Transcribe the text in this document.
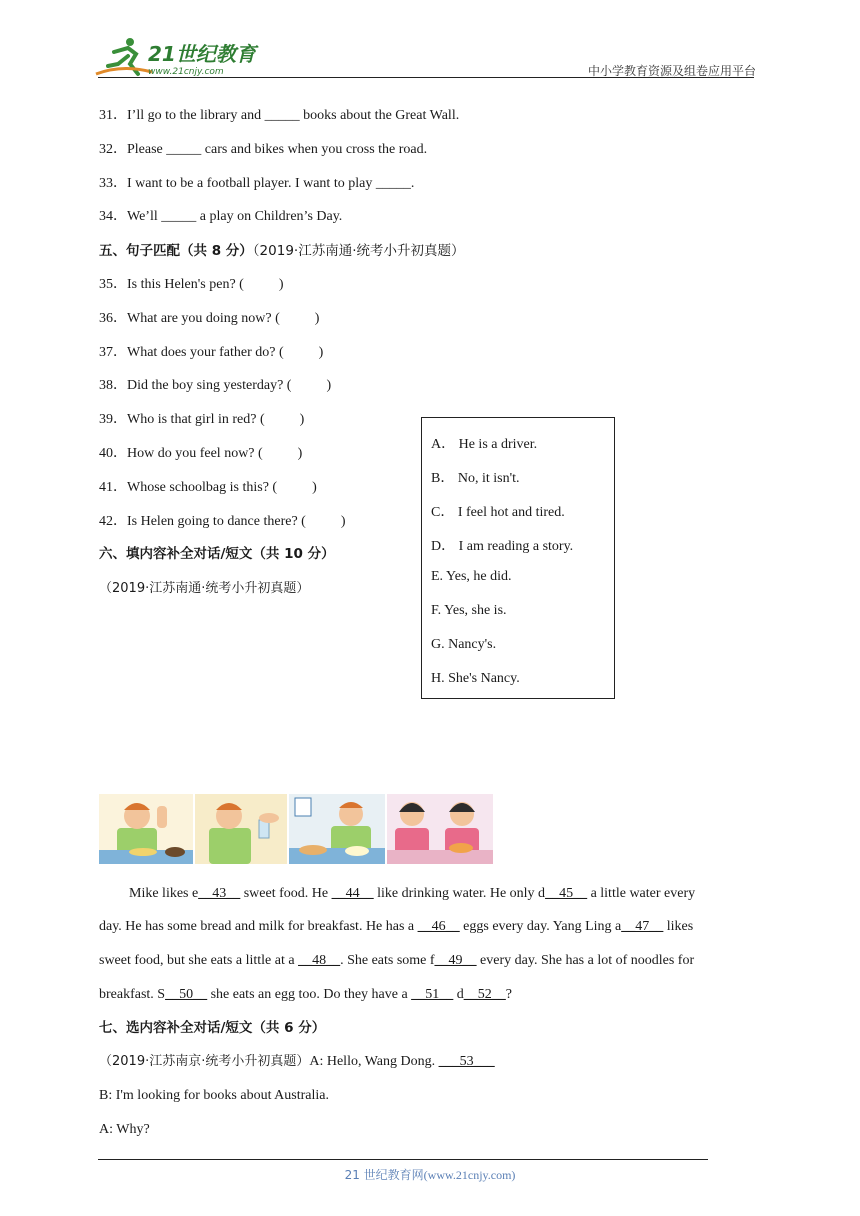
21世纪教育
www.21cnjy.com	中小学教育资源及组卷应用平台
31．I’ll go to the library and _____ books about the Great Wall.
32．Please _____ cars and bikes when you cross the road.
33．I want to be a football player. I want to play _____.
34．We’ll _____ a play on Children’s Day.
五、句子匹配（共 8 分）（2019·江苏南通·统考小升初真题）
35．Is this Helen's pen? (          )
36．What are you doing now? (          )
37．What does your father do? (          )
38．Did the boy sing yesterday? (          )
39．Who is that girl in red? (          )
40．How do you feel now? (          )
41．Whose schoolbag is this? (          )
42．Is Helen going to dance there? (          )
A． He is a driver.
B． No, it isn't.
C． I feel hot and tired.
D． I am reading a story.
E. Yes, he did.
F. Yes, she is.
G. Nancy's.
H. She's Nancy.
六、填内容补全对话/短文（共 10 分）
（2019·江苏南通·统考小升初真题）
Mike likes e__43__ sweet food. He __44__ like drinking water. He only d__45__ a little water every
day. He has some bread and milk for breakfast. He has a __46__ eggs every day. Yang Ling a__47__ likes
sweet food, but she eats a little at a __48__. She eats some f__49__ every day. She has a lot of noodles for
breakfast. S__50__ she eats an egg too. Do they have a __51__ d__52__?
七、选内容补全对话/短文（共 6 分）
（2019·江苏南京·统考小升初真题）A: Hello, Wang Dong. ___53___
B: I'm looking for books about Australia.
A: Why?
21 世纪教育网(www.21cnjy.com)
